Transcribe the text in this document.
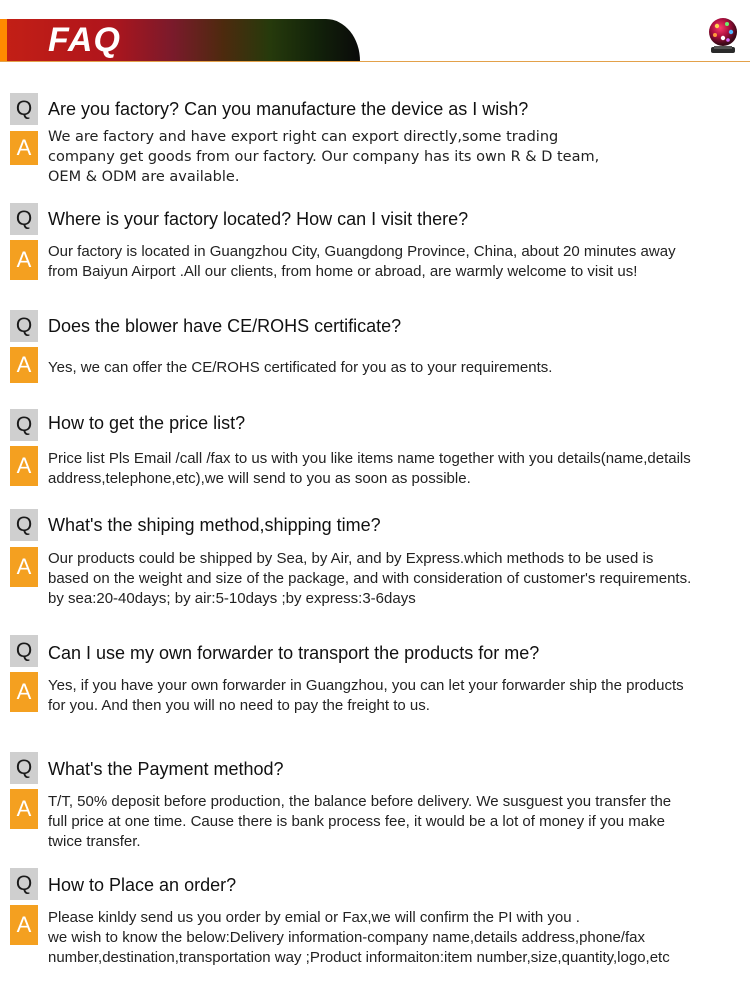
FAQ
Q Are you factory? Can you manufacture the device as I wish?
A	We are factory and have export right can export directly,some trading
company get goods from our factory. Our company has its own R & D team,
OEM & ODM are available.
Q Where is your factory located? How can I visit there?
A	Our factory is located in Guangzhou City, Guangdong Province, China, about 20 minutes away
from Baiyun Airport .All our clients, from home or abroad, are warmly welcome to visit us!
Q Does the blower have CE/ROHS certificate?
A	Yes, we can offer the CE/ROHS certificated for you as to your requirements.
Q How to get the price list?
A	Price list Pls Email /call /fax to us with you like items name together with you details(name,details
address,telephone,etc),we will send to you as soon as possible.
Q What's the shiping method,shipping time?
A	Our products could be shipped by Sea, by Air, and by Express.which methods to be used is
based on the weight and size of the package, and with consideration of customer's requirements.
by sea:20-40days; by air:5-10days ;by express:3-6days
Q Can I use my own forwarder to transport the products for me?
A	Yes, if you have your own forwarder in Guangzhou, you can let your forwarder ship the products
for you. And then you will no need to pay the freight to us.
Q What's the Payment method?
A	T/T, 50% deposit before production, the balance before delivery. We susguest you transfer the
full price at one time. Cause there is bank process fee, it would be a lot of money if you make
twice transfer.
Q How to Place an order?
A	Please kinldy send us you order by emial or Fax,we will confirm the PI with you .
we wish to know the below:Delivery information-company name,details address,phone/fax
number,destination,transportation way ;Product informaiton:item number,size,quantity,logo,etc
